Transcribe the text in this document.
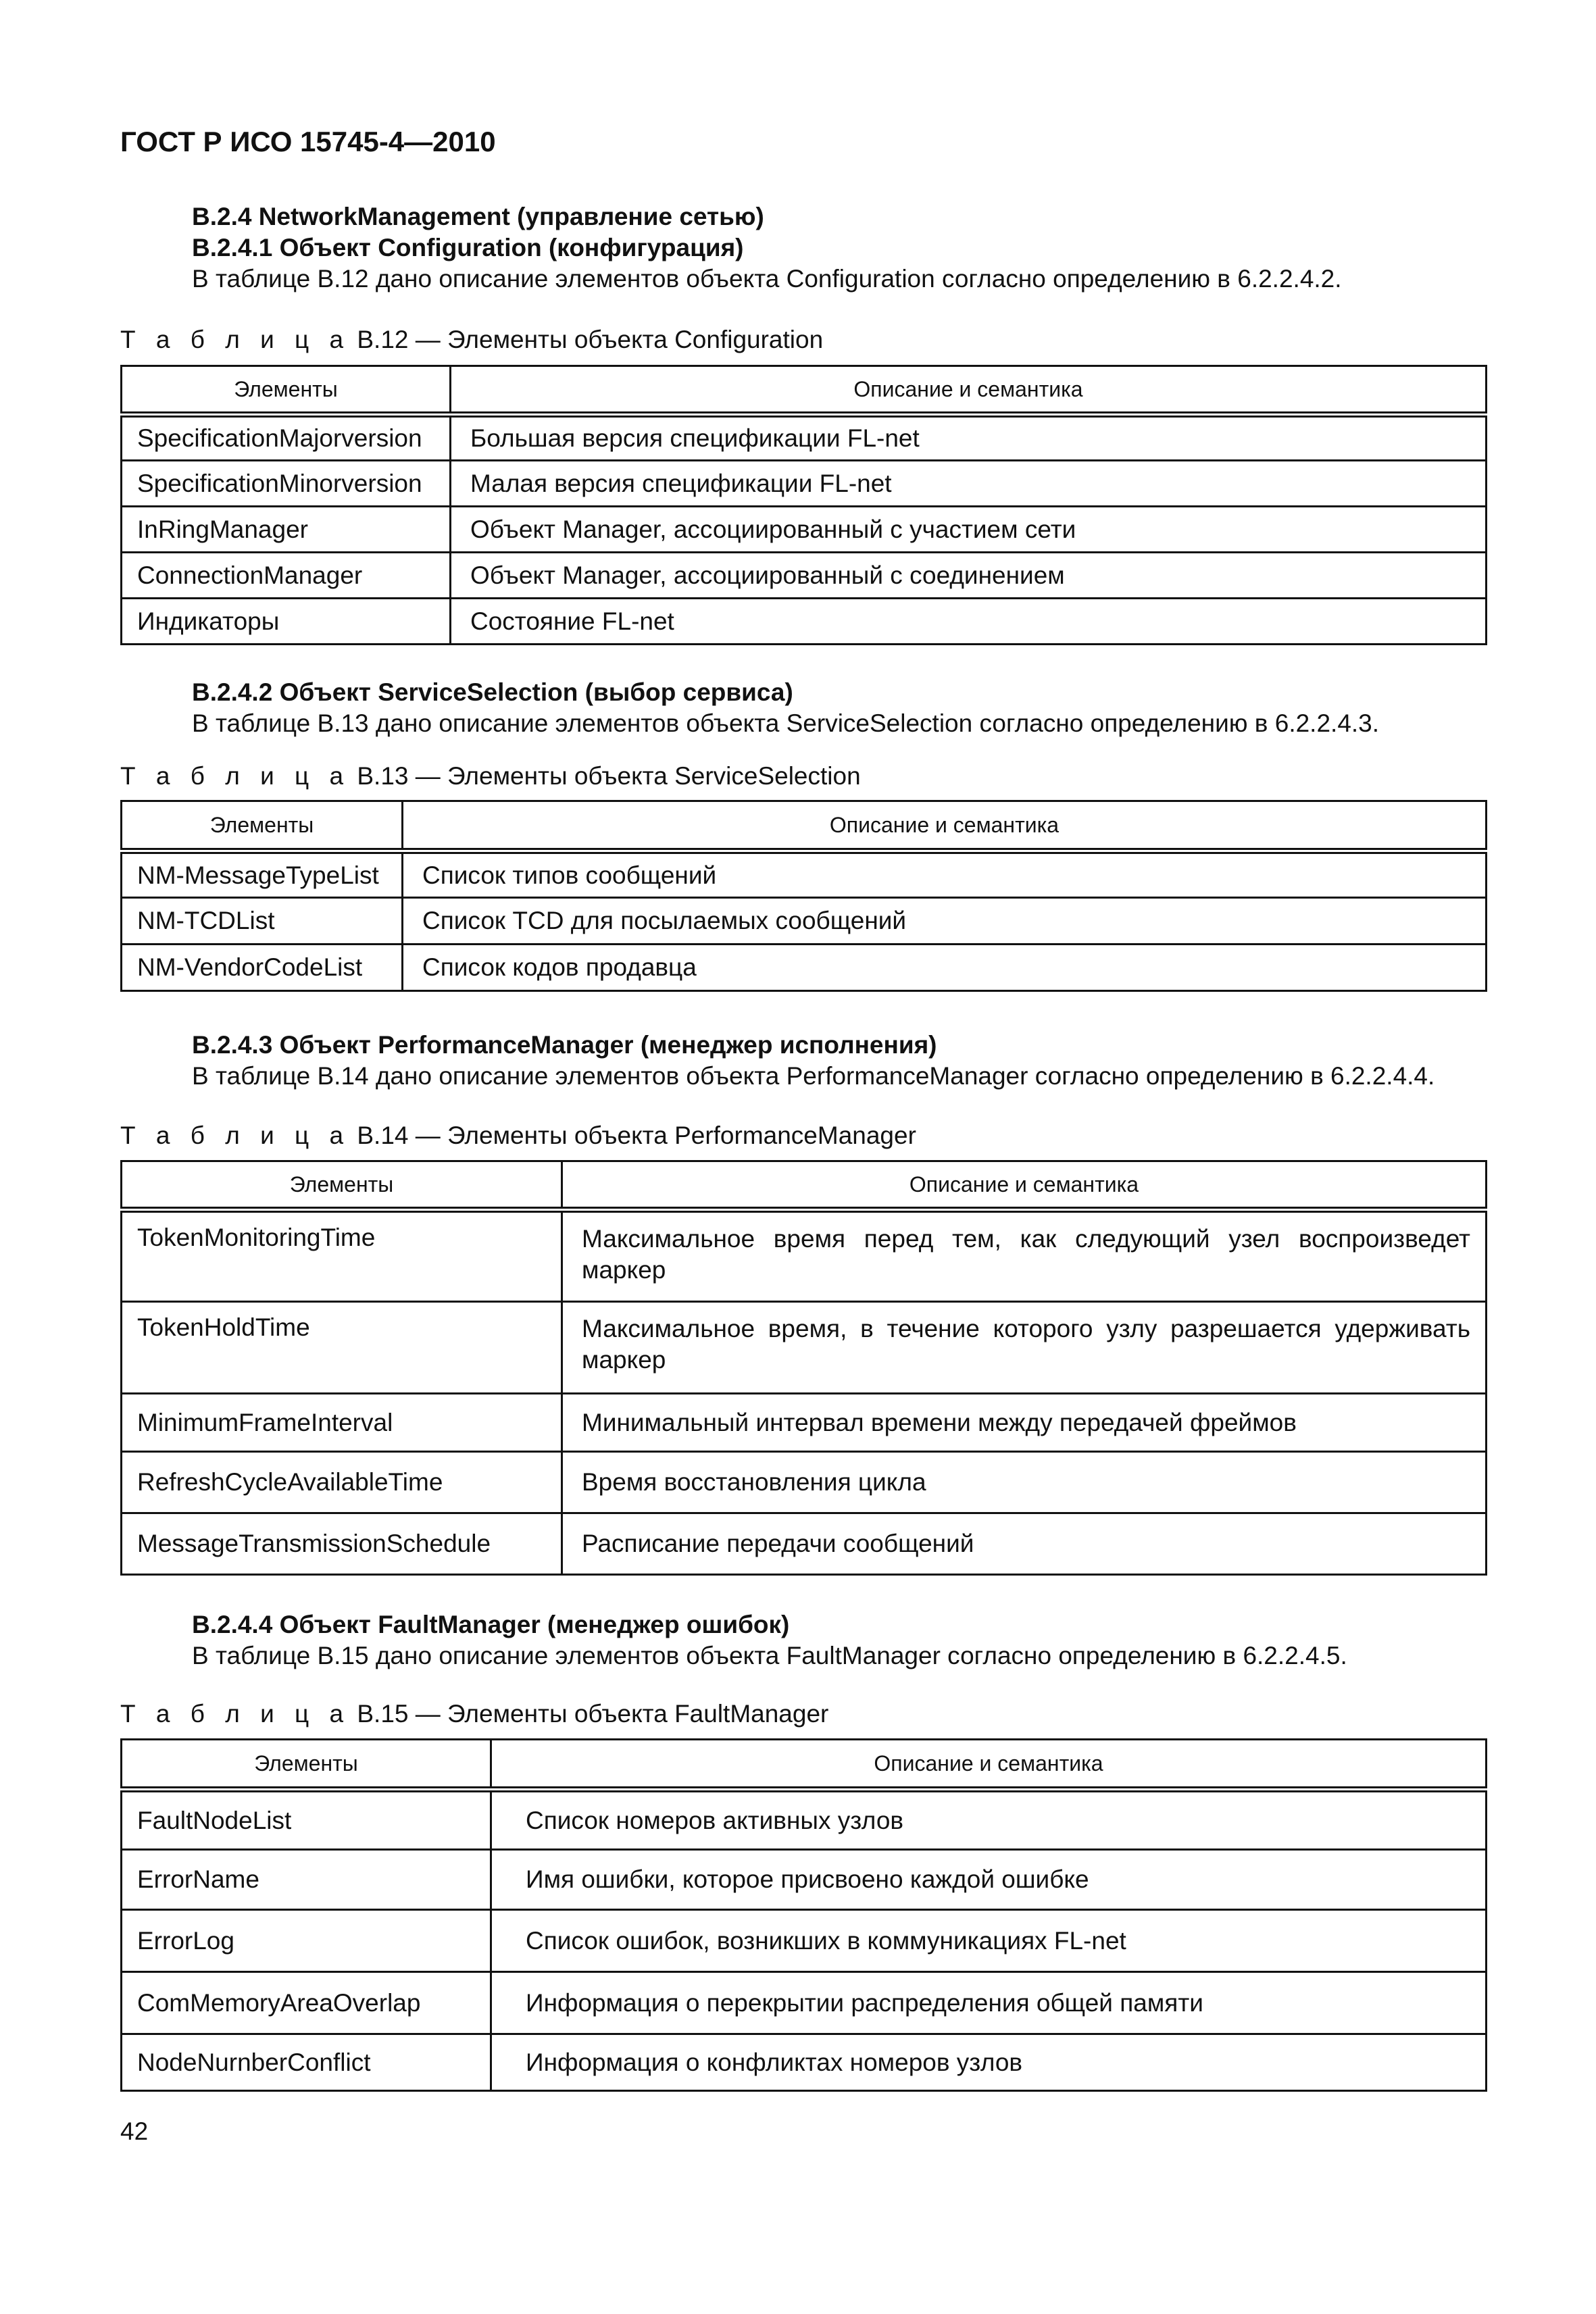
ГОСТ Р ИСО 15745-4—2010
В.2.4 NetworkManagement (управление сетью)
В.2.4.1 Объект Configuration (конфигурация)
В таблице В.12 дано описание элементов объекта Configuration согласно определению в 6.2.2.4.2.
Т а б л и ц а В.12 — Элементы объекта Configuration
Элементы	Описание и семантика
SpecificationMajorversion	Большая версия спецификации FL-net
SpecificationMinorversion	Малая версия спецификации FL-net
InRingManager	Объект Manager, ассоциированный с участием сети
ConnectionManager	Объект Manager, ассоциированный с соединением
Индикаторы	Состояние FL-net
В.2.4.2 Объект ServiceSelection (выбор сервиса)
В таблице В.13 дано описание элементов объекта ServiceSelection согласно определению в 6.2.2.4.3.
Т а б л и ц а В.13 — Элементы объекта ServiceSelection
Элементы	Описание и семантика
NM-MessageTypeList	Список типов сообщений
NM-TCDList	Список TCD для посылаемых сообщений
NM-VendorCodeList	Список кодов продавца
В.2.4.3 Объект PerformanceManager (менеджер исполнения)
В таблице В.14 дано описание элементов объекта PerformanceManager согласно определению в 6.2.2.4.4.
Т а б л и ц а В.14 — Элементы объекта PerformanceManager
Элементы	Описание и семантика
TokenMonitoringTime	Максимальное время перед тем, как следующий узел воспроизведет маркер
TokenHoldTime	Максимальное время, в течение которого узлу разрешается удерживать маркер
MinimumFrameInterval	Минимальный интервал времени между передачей фреймов
RefreshCycleAvailableTime	Время восстановления цикла
MessageTransmissionSchedule	Расписание передачи сообщений
В.2.4.4 Объект FaultManager (менеджер ошибок)
В таблице В.15 дано описание элементов объекта FaultManager согласно определению в 6.2.2.4.5.
Т а б л и ц а В.15 — Элементы объекта FaultManager
Элементы	Описание и семантика
FaultNodeList	Список номеров активных узлов
ErrorName	Имя ошибки, которое присвоено каждой ошибке
ErrorLog	Список ошибок, возникших в коммуникациях FL-net
ComMemoryAreaOverlap	Информация о перекрытии распределения общей памяти
NodeNurnberConflict	Информация о конфликтах номеров узлов
42
